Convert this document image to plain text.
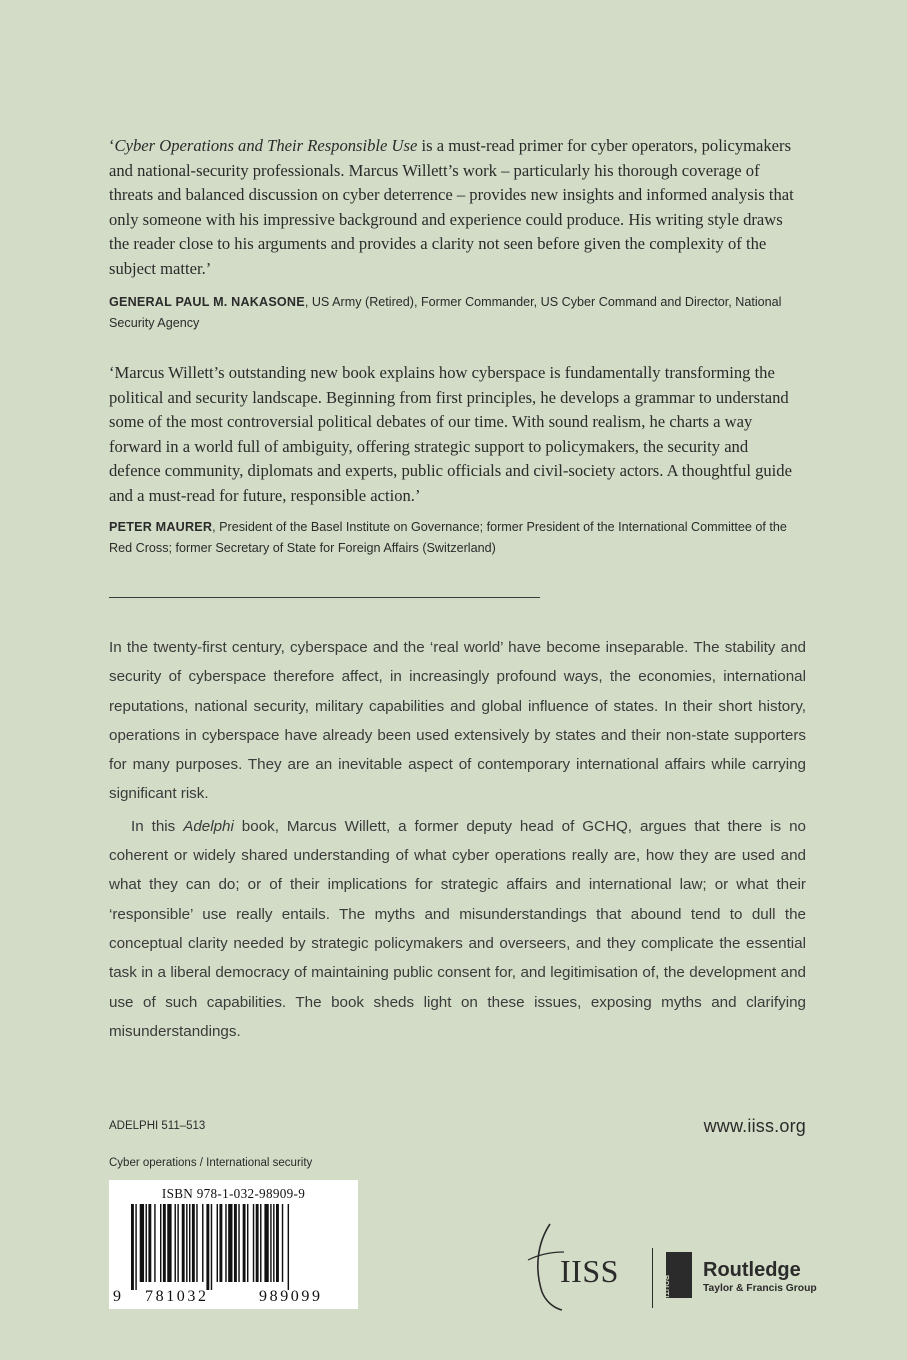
‘Cyber Operations and Their Responsible Use is a must-read primer for cyber operators, policymakers and national-security professionals. Marcus Willett’s work – particularly his thorough coverage of threats and balanced discussion on cyber deterrence – provides new insights and informed analysis that only someone with his impressive background and experience could produce. His writing style draws the reader close to his arguments and provides a clarity not seen before given the complexity of the subject matter.’
GENERAL PAUL M. NAKASONE, US Army (Retired), Former Commander, US Cyber Command and Director, National Security Agency
‘Marcus Willett’s outstanding new book explains how cyberspace is fundamentally transforming the political and security landscape. Beginning from first principles, he develops a grammar to understand some of the most controversial political debates of our time. With sound realism, he charts a way forward in a world full of ambiguity, offering strategic support to policymakers, the security and defence community, diplomats and experts, public officials and civil-society actors. A thoughtful guide and a must-read for future, responsible action.’
PETER MAURER, President of the Basel Institute on Governance; former President of the International Committee of the Red Cross; former Secretary of State for Foreign Affairs (Switzerland)

In the twenty-first century, cyberspace and the ‘real world’ have become inseparable. The stability and security of cyberspace therefore affect, in increasingly profound ways, the economies, international reputations, national security, military capabilities and global influence of states. In their short history, operations in cyberspace have already been used extensively by states and their non-state supporters for many purposes. They are an inevitable aspect of contemporary international affairs while carrying significant risk.

In this Adelphi book, Marcus Willett, a former deputy head of GCHQ, argues that there is no coherent or widely shared understanding of what cyber operations really are, how they are used and what they can do; or of their implications for strategic affairs and international law; or what their ‘responsible’ use really entails. The myths and misunderstandings that abound tend to dull the conceptual clarity needed by strategic policymakers and overseers, and they complicate the essential task in a liberal democracy of maintaining public consent for, and legitimisation of, the development and use of such capabilities. The book sheds light on these issues, exposing myths and clarifying misunderstandings.

ADELPHI 511–513	www.iiss.org
Cyber operations / International security
ISBN 978-1-032-98909-9
9 781032	989099
IISS
ROUTLEDGE
Routledge
Taylor & Francis Group
